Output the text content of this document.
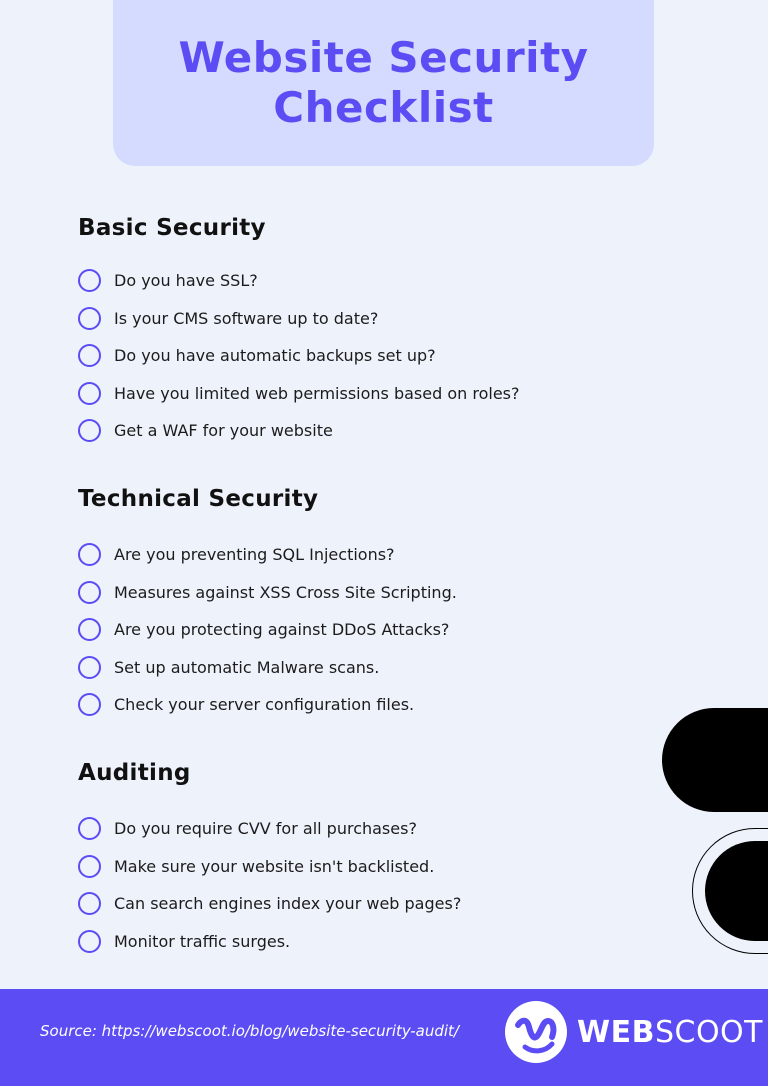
Website Security
Checklist
Basic Security
Do you have SSL?
Is your CMS software up to date?
Do you have automatic backups set up?
Have you limited web permissions based on roles?
Get a WAF for your website
Technical Security
Are you preventing SQL Injections?
Measures against XSS Cross Site Scripting.
Are you protecting against DDoS Attacks?
Set up automatic Malware scans.
Check your server configuration files.
Auditing
Do you require CVV for all purchases?
Make sure your website isn't backlisted.
Can search engines index your web pages?
Monitor traffic surges.
Source: https://webscoot.io/blog/website-security-audit/	WEBSCOOT
